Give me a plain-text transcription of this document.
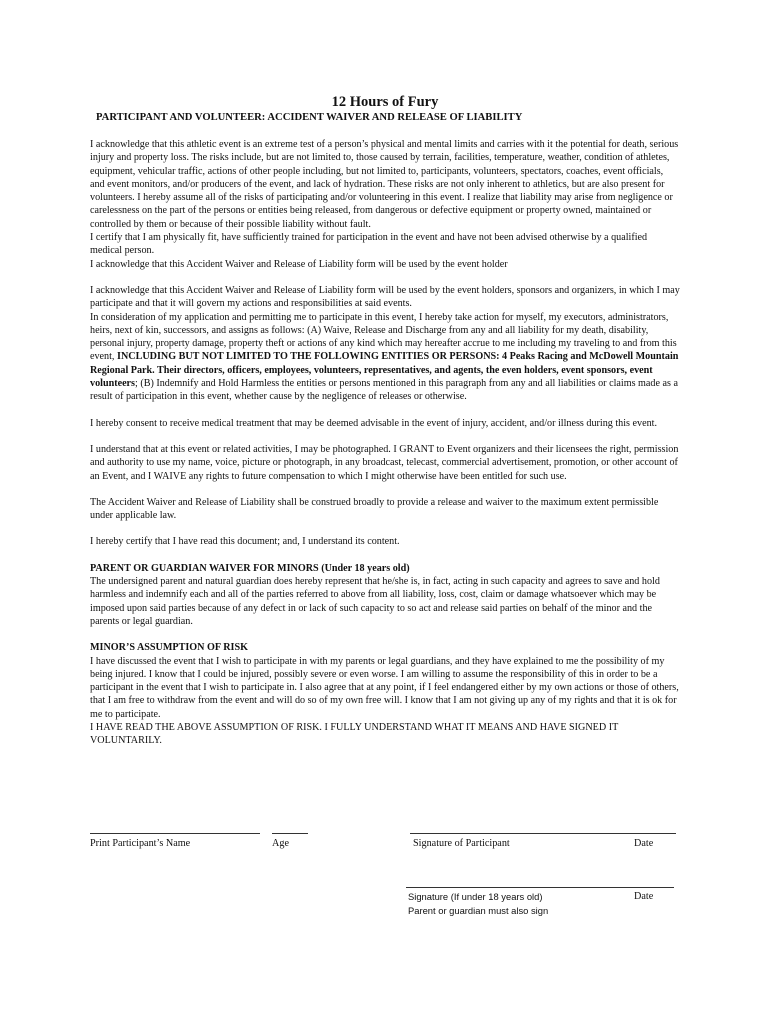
12 Hours of Fury
PARTICIPANT AND VOLUNTEER: ACCIDENT WAIVER AND RELEASE OF LIABILITY

I acknowledge that this athletic event is an extreme test of a person’s physical and mental limits and carries with it the potential for death, serious injury and property loss. The risks include, but are not limited to, those caused by terrain, facilities, temperature, weather, condition of athletes, equipment, vehicular traffic, actions of other people including, but not limited to, participants, volunteers, spectators, coaches, event officials, and event monitors, and/or producers of the event, and lack of hydration. These risks are not only inherent to athletics, but are also present for volunteers. I hereby assume all of the risks of participating and/or volunteering in this event. I realize that liability may arise from negligence or carelessness on the part of the persons or entities being released, from dangerous or defective equipment or property owned, maintained or controlled by them or because of their possible liability without fault.

I certify that I am physically fit, have sufficiently trained for participation in the event and have not been advised otherwise by a qualified medical person.

I acknowledge that this Accident Waiver and Release of Liability form will be used by the event holder

I acknowledge that this Accident Waiver and Release of Liability form will be used by the event holders, sponsors and organizers, in which I may participate and that it will govern my actions and responsibilities at said events.

In consideration of my application and permitting me to participate in this event, I hereby take action for myself, my executors, administrators, heirs, next of kin, successors, and assigns as follows: (A) Waive, Release and Discharge from any and all liability for my death, disability, personal injury, property damage, property theft or actions of any kind which may hereafter accrue to me including my traveling to and from this event, INCLUDING BUT NOT LIMITED TO THE FOLLOWING ENTITIES OR PERSONS: 4 Peaks Racing and McDowell Mountain Regional Park. Their directors, officers, employees, volunteers, representatives, and agents, the even holders, event sponsors, event volunteers; (B) Indemnify and Hold Harmless the entities or persons mentioned in this paragraph from any and all liabilities or claims made as a result of participation in this event, whether cause by the negligence of releases or otherwise.

I hereby consent to receive medical treatment that may be deemed advisable in the event of injury, accident, and/or illness during this event.

I understand that at this event or related activities, I may be photographed. I GRANT to Event organizers and their licensees the right, permission and authority to use my name, voice, picture or photograph, in any broadcast, telecast, commercial advertisement, promotion, or other account of an Event, and I WAIVE any rights to future compensation to which I might otherwise have been entitled for such use.

The Accident Waiver and Release of Liability shall be construed broadly to provide a release and waiver to the maximum extent permissible under applicable law.

I hereby certify that I have read this document; and, I understand its content.

PARENT OR GUARDIAN WAIVER FOR MINORS (Under 18 years old)

The undersigned parent and natural guardian does hereby represent that he/she is, in fact, acting in such capacity and agrees to save and hold harmless and indemnify each and all of the parties referred to above from all liability, loss, cost, claim or damage whatsoever which may be imposed upon said parties because of any defect in or lack of such capacity to so act and release said parties on behalf of the minor and the parents or legal guardian.

MINOR’S ASSUMPTION OF RISK

I have discussed the event that I wish to participate in with my parents or legal guardians, and they have explained to me the possibility of my being injured. I know that I could be injured, possibly severe or even worse. I am willing to assume the responsibility of this in order to be a participant in the event that I wish to participate in. I also agree that at any point, if I feel endangered either by my own actions or those of others, that I am free to withdraw from the event and will do so of my own free will. I know that I am not giving up any of my rights and that it is ok for me to participate.

I HAVE READ THE ABOVE ASSUMPTION OF RISK. I FULLY UNDERSTAND WHAT IT MEANS AND HAVE SIGNED IT VOLUNTARILY.

Print Participant’s Name	Age	Signature of Participant	Date
Signature (If under 18 years old)	Date
Parent or guardian must also sign
